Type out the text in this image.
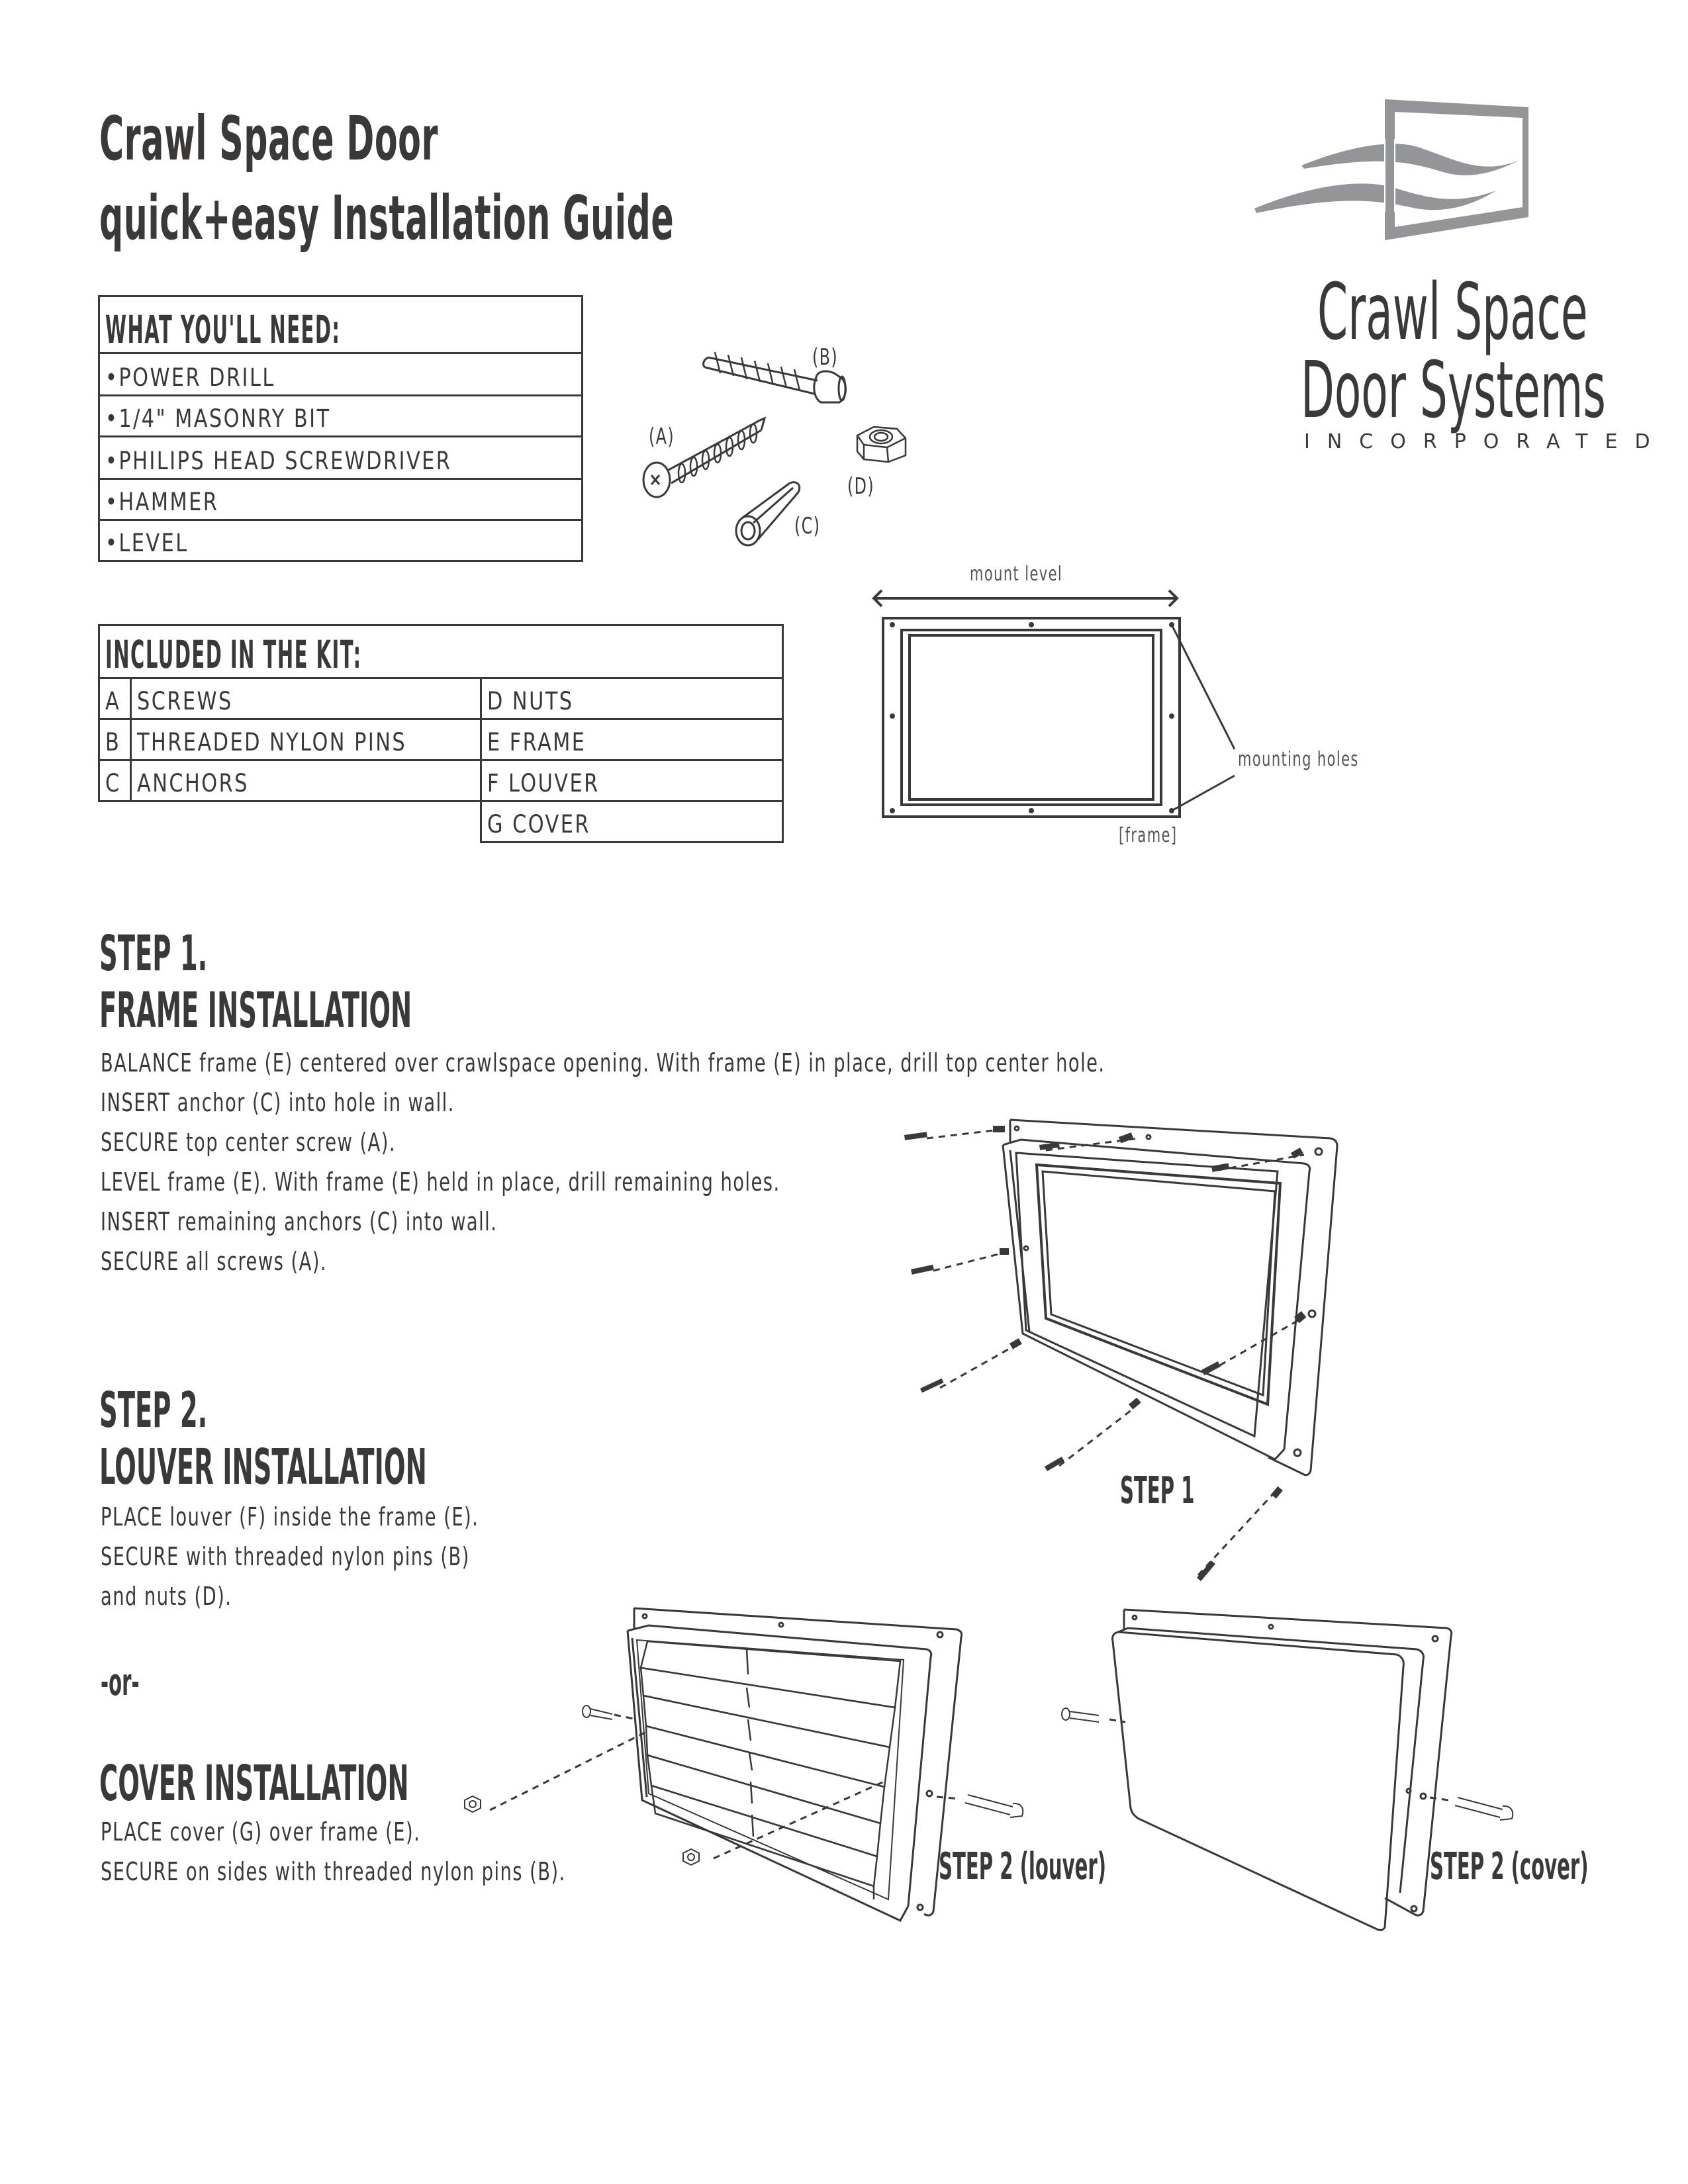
Crawl Space Door
quick+easy Installation Guide
Crawl Space
Door Systems
INCORPORATED
WHAT YOU'LL NEED:
•POWER DRILL
•1/4" MASONRY BIT
•PHILIPS HEAD SCREWDRIVER
•HAMMER
•LEVEL
(A)
(B)
(C)
(D)
INCLUDED IN THE KIT:		
A	SCREWS	D NUTS
B	THREADED NYLON PINS	E FRAME
C	ANCHORS	F LOUVER
		G COVER
mount level
mounting holes
[frame]
STEP 1.
FRAME INSTALLATION
BALANCE frame (E) centered over crawlspace opening. With frame (E) in place, drill top center hole.
INSERT anchor (C) into hole in wall.
SECURE top center screw (A).
LEVEL frame (E). With frame (E) held in place, drill remaining holes.
INSERT remaining anchors (C) into wall.
SECURE all screws (A).
STEP 1
STEP 2.
LOUVER INSTALLATION
PLACE louver (F) inside the frame (E).
SECURE with threaded nylon pins (B)
and nuts (D).
-or-
COVER INSTALLATION
PLACE cover (G) over frame (E).
SECURE on sides with threaded nylon pins (B).	STEP 2 (louver)	STEP 2 (cover)
